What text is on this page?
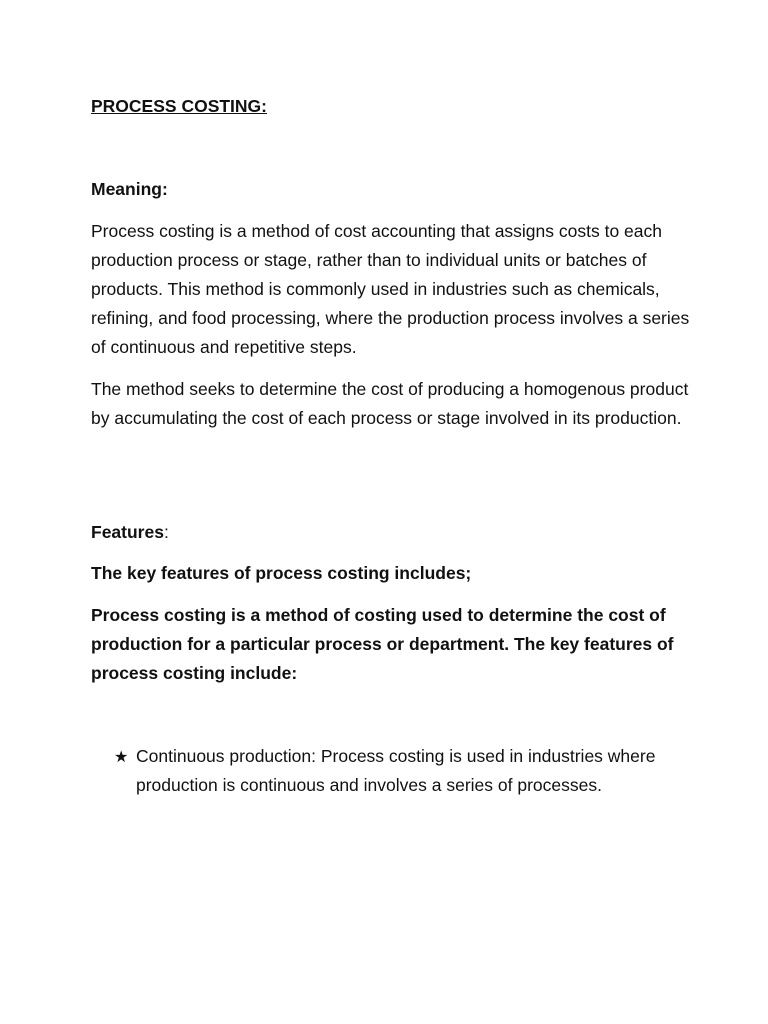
PROCESS COSTING:

Meaning:

Process costing is a method of cost accounting that assigns costs to each production process or stage, rather than to individual units or batches of products. This method is commonly used in industries such as chemicals, refining, and food processing, where the production process involves a series of continuous and repetitive steps.

The method seeks to determine the cost of producing a homogenous product by accumulating the cost of each process or stage involved in its production.

Features:

The key features of process costing includes;

Process costing is a method of costing used to determine the cost of production for a particular process or department. The key features of process costing include:

★ Continuous production: Process costing is used in industries where production is continuous and involves a series of processes.
